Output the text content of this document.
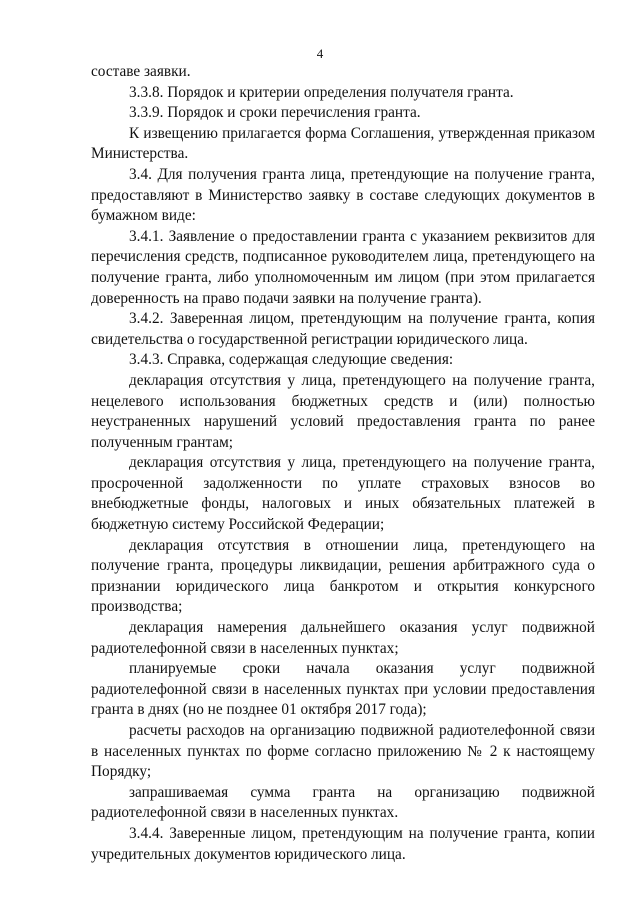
4

составе заявки.

3.3.8. Порядок и критерии определения получателя гранта.

3.3.9. Порядок и сроки перечисления гранта.

К извещению прилагается форма Соглашения, утвержденная приказом Министерства.

3.4. Для получения гранта лица, претендующие на получение гранта, предоставляют в Министерство заявку в составе следующих документов в бумажном виде:

3.4.1. Заявление о предоставлении гранта с указанием реквизитов для перечисления средств, подписанное руководителем лица, претендующего на получение гранта, либо уполномоченным им лицом (при этом прилагается доверенность на право подачи заявки на получение гранта).

3.4.2. Заверенная лицом, претендующим на получение гранта, копия свидетельства о государственной регистрации юридического лица.

3.4.3. Справка, содержащая следующие сведения:

декларация отсутствия у лица, претендующего на получение гранта, нецелевого использования бюджетных средств и (или) полностью неустраненных нарушений условий предоставления гранта по ранее полученным грантам;

декларация отсутствия у лица, претендующего на получение гранта, просроченной задолженности по уплате страховых взносов во внебюджетные фонды, налоговых и иных обязательных платежей в бюджетную систему Российской Федерации;

декларация отсутствия в отношении лица, претендующего на получение гранта, процедуры ликвидации, решения арбитражного суда о признании юридического лица банкротом и открытия конкурсного производства;

декларация намерения дальнейшего оказания услуг подвижной радиотелефонной связи в населенных пунктах;

планируемые сроки начала оказания услуг подвижной радиотелефонной связи в населенных пунктах при условии предоставления гранта в днях (но не позднее 01 октября 2017 года);

расчеты расходов на организацию подвижной радиотелефонной связи в населенных пунктах по форме согласно приложению № 2 к настоящему Порядку;

запрашиваемая сумма гранта на организацию подвижной радиотелефонной связи в населенных пунктах.

3.4.4. Заверенные лицом, претендующим на получение гранта, копии учредительных документов юридического лица.
